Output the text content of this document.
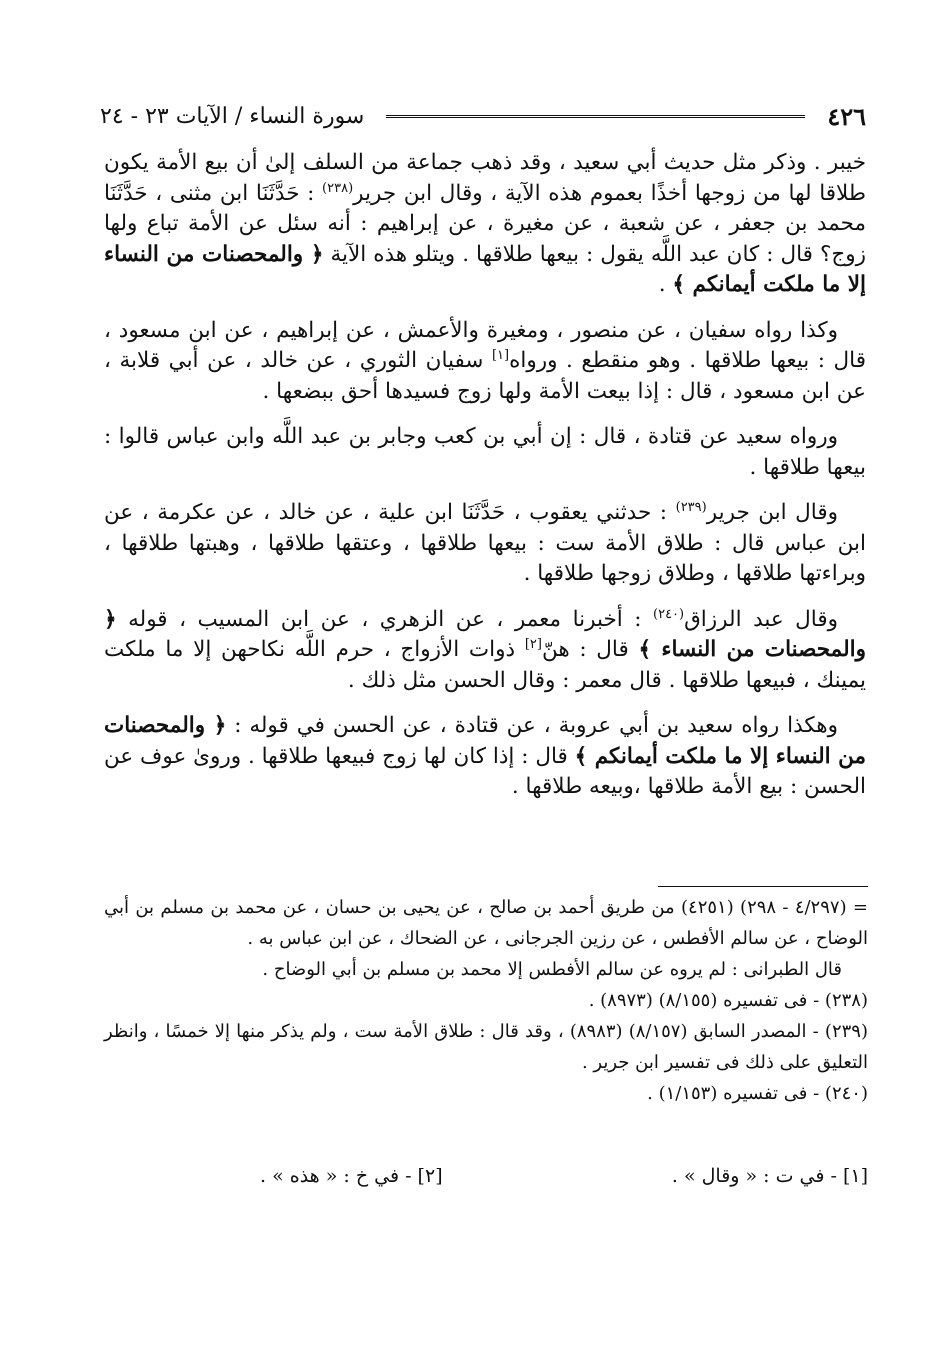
٤٢٦
سورة النساء / الآيات ٢٣ - ٢٤

خيبر . وذكر مثل حديث أبي سعيد ، وقد ذهب جماعة من السلف إلىٰ أن بيع الأمة يكون طلاقا لها من زوجها أخذًا بعموم هذه الآية ، وقال ابن جرير$^{(٢٣٨)}$ : حَدَّثَنَا ابن مثنى ، حَدَّثَنَا محمد بن جعفر ، عن شعبة ، عن مغيرة ، عن إبراهيم : أنه سئل عن الأمة تباع ولها زوج؟ قال : كان عبد اللَّه يقول : بيعها طلاقها . ويتلو هذه الآية ﴿ والمحصنات من النساء إلا ما ملكت أيمانكم ﴾ .

وكذا رواه سفيان ، عن منصور ، ومغيرة والأعمش ، عن إبراهيم ، عن ابن مسعود ، قال : بيعها طلاقها . وهو منقطع . ورواه[١] سفيان الثوري ، عن خالد ، عن أبي قلابة ، عن ابن مسعود ، قال : إذا بيعت الأمة ولها زوج فسيدها أحق ببضعها .

ورواه سعيد عن قتادة ، قال : إن أبي بن كعب وجابر بن عبد اللَّه وابن عباس قالوا : بيعها طلاقها .

وقال ابن جرير$^{(٢٣٩)}$ : حدثني يعقوب ، حَدَّثَنَا ابن علية ، عن خالد ، عن عكرمة ، عن ابن عباس قال : طلاق الأمة ست : بيعها طلاقها ، وعتقها طلاقها ، وهبتها طلاقها ، وبراءتها طلاقها ، وطلاق زوجها طلاقها .

وقال عبد الرزاق$^{(٢٤٠)}$ : أخبرنا معمر ، عن الزهري ، عن ابن المسيب ، قوله ﴿ والمحصنات من النساء ﴾ قال : هنّ[٢] ذوات الأزواج ، حرم اللَّه نكاحهن إلا ما ملكت يمينك ، فبيعها طلاقها . قال معمر : وقال الحسن مثل ذلك .

وهكذا رواه سعيد بن أبي عروبة ، عن قتادة ، عن الحسن في قوله : ﴿ والمحصنات من النساء إلا ما ملكت أيمانكم ﴾ قال : إذا كان لها زوج فبيعها طلاقها . وروىٰ عوف عن الحسن : بيع الأمة طلاقها ،وبيعه طلاقها .

= (٤/٢٩٧ - ٢٩٨) (٤٢٥١) من طريق أحمد بن صالح ، عن يحيى بن حسان ، عن محمد بن مسلم بن أبي الوضاح ، عن سالم الأفطس ، عن رزين الجرجانى ، عن الضحاك ، عن ابن عباس به .

قال الطبرانى : لم يروه عن سالم الأفطس إلا محمد بن مسلم بن أبي الوضاح .

(٢٣٨) - فى تفسيره (٨/١٥٥) (٨٩٧٣) .

(٢٣٩) - المصدر السابق (٨/١٥٧) (٨٩٨٣) ، وقد قال : طلاق الأمة ست ، ولم يذكر منها إلا خمسًا ، وانظر التعليق على ذلك فى تفسير ابن جرير .

(٢٤٠) - فى تفسيره (١/١٥٣) .

[١] - في ت : « وقال » .
[٢] - في خ : « هذه » .
